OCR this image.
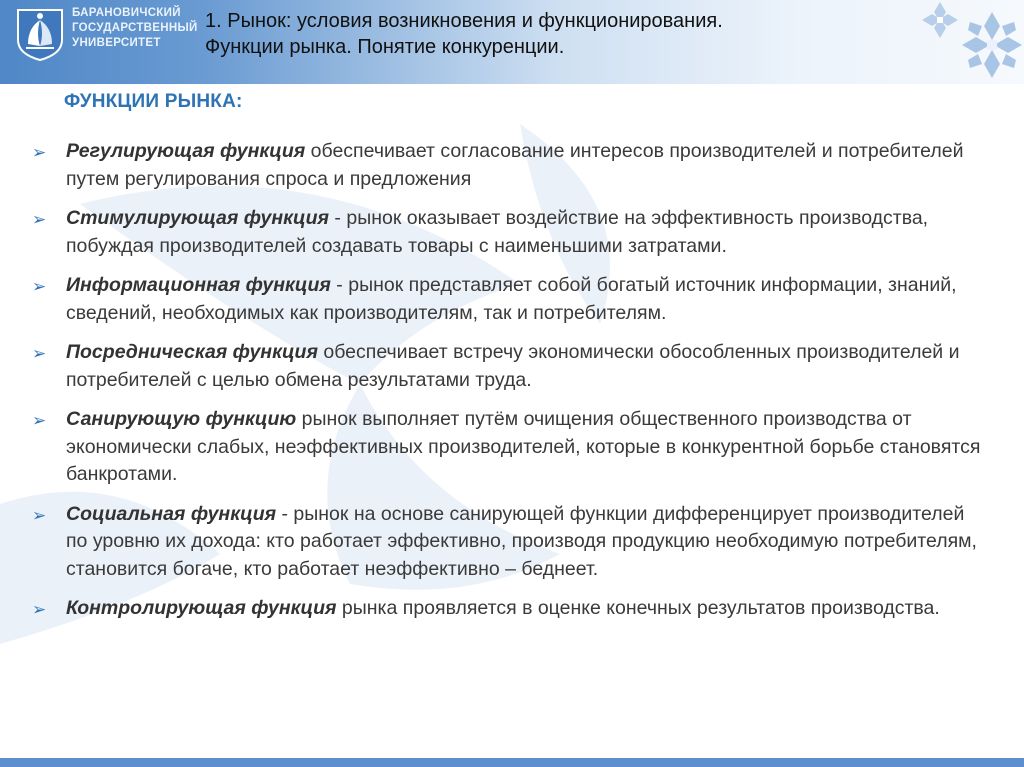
БАРАНОВИЧСКИЙ
ГОСУДАРСТВЕННЫЙ
УНИВЕРСИТЕТ
1. Рынок: условия возникновения и функционирования.
Функции рынка. Понятие конкуренции.
ФУНКЦИИ РЫНКА:
➢ Регулирующая функция обеспечивает согласование интересов производителей и потребителей путем регулирования спроса и предложения
➢ Стимулирующая функция - рынок оказывает воздействие на эффективность производства, побуждая производителей создавать товары с наименьшими затратами.
➢ Информационная функция - рынок представляет собой богатый источник информации, знаний, сведений, необходимых как производителям, так и потребителям.
➢ Посредническая функция обеспечивает встречу экономически обособленных производителей и потребителей с целью обмена результатами труда.
➢ Санирующую функцию рынок выполняет путём очищения общественного производства от экономически слабых, неэффективных производителей, которые в конкурентной борьбе становятся банкротами.
➢ Социальная функция - рынок на основе санирующей функции дифференцирует производителей по уровню их дохода: кто работает эффективно, производя продукцию необходимую потребителям, становится богаче, кто работает неэффективно – беднеет.
➢ Контролирующая функция рынка проявляется в оценке конечных результатов производства.
